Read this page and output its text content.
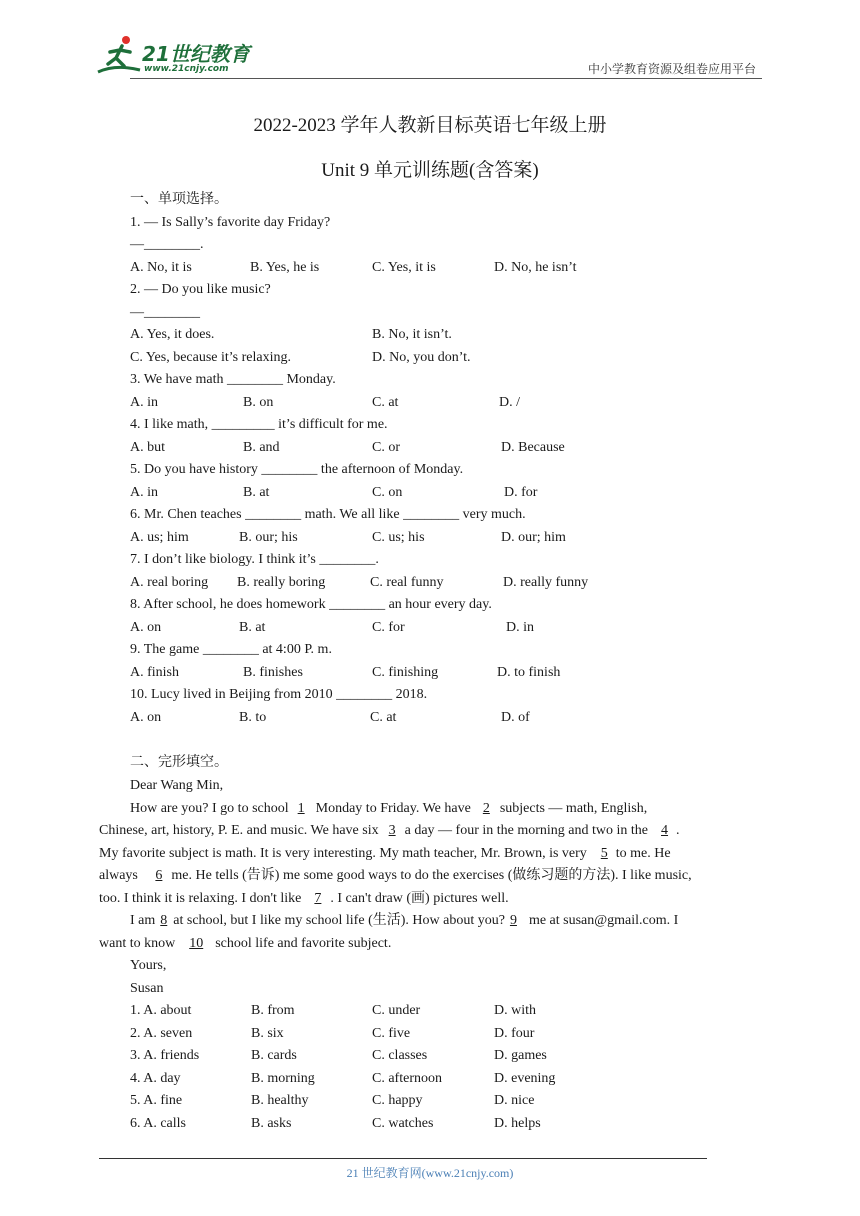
21世纪教育
www.21cnjy.com	中小学教育资源及组卷应用平台
2022-2023 学年人教新目标英语七年级上册
Unit 9 单元训练题(含答案)
一、单项选择。
1. — Is Sally’s favorite day Friday?
—________.
A. No, it is	B. Yes, he is	C. Yes, it is	D. No, he isn’t
2. — Do you like music?
—________
A. Yes, it does.	B. No, it isn’t.
C. Yes, because it’s relaxing.	D. No, you don’t.
3. We have math ________ Monday.
A. in	B. on	C. at	D. /
4. I like math, _________ it’s difficult for me.
A. but	B. and	C. or	D. Because
5. Do you have history ________ the afternoon of Monday.
A. in	B. at	C. on	D. for
6. Mr. Chen teaches ________ math. We all like ________ very much.
A. us; him	B. our; his	C. us; his	D. our; him
7. I don’t like biology. I think it’s ________.
A. real boring B. really boring	C. real funny	D. really funny
8. After school, he does homework ________ an hour every day.
A. on	B. at	C. for	D. in
9. The game ________ at 4:00 P. m.
A. finish	B. finishes	C. finishing	D. to finish
10. Lucy lived in Beijing from 2010 ________ 2018.
A. on	B. to	C. at	D. of
二、完形填空。
Dear Wang Min,
How are you? I go to school 1 Monday to Friday. We have 2 subjects — math, English,
Chinese, art, history, P. E. and music. We have six 3 a day — four in the morning and two in the 4 .
My favorite subject is math. It is very interesting. My math teacher, Mr. Brown, is very 5 to me. He
always 6 me. He tells (告诉) me some good ways to do the exercises (做练习题的方法). I like music,
too. I think it is relaxing. I don't like 7 . I can't draw (画) pictures well.
I am 8 at school, but I like my school life (生活). How about you? 9 me at susan@gmail.com. I
want to know 10 school life and favorite subject.
Yours,
Susan
1. A. about	B. from	C. under	D. with
2. A. seven	B. six	C. five	D. four
3. A. friends	B. cards	C. classes	D. games
4. A. day	B. morning	C. afternoon	D. evening
5. A. fine	B. healthy	C. happy	D. nice
6. A. calls	B. asks	C. watches	D. helps
21 世纪教育网(www.21cnjy.com)
